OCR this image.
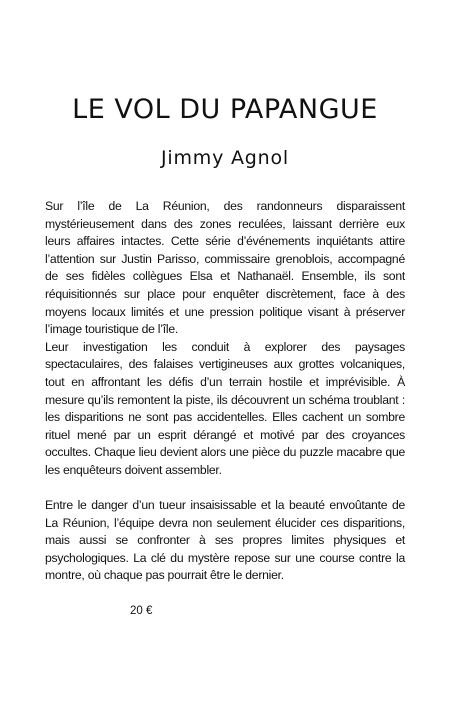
LE VOL DU PAPANGUE
Jimmy Agnol

Sur l’île de La Réunion, des randonneurs disparaissent mystérieusement dans des zones reculées, laissant derrière eux leurs affaires intactes. Cette série d’événements inquiétants attire l’attention sur Justin Parisso, commissaire grenoblois, accompagné de ses fidèles collègues Elsa et Nathanaël. Ensemble, ils sont réquisitionnés sur place pour enquêter discrètement, face à des moyens locaux limités et une pression politique visant à préserver l’image touristique de l’île.

Leur investigation les conduit à explorer des paysages spectaculaires, des falaises vertigineuses aux grottes volcaniques, tout en affrontant les défis d’un terrain hostile et imprévisible. À mesure qu’ils remontent la piste, ils découvrent un schéma troublant : les disparitions ne sont pas accidentelles. Elles cachent un sombre rituel mené par un esprit dérangé et motivé par des croyances occultes. Chaque lieu devient alors une pièce du puzzle macabre que les enquêteurs doivent assembler.

Entre le danger d’un tueur insaisissable et la beauté envoûtante de La Réunion, l’équipe devra non seulement élucider ces disparitions, mais aussi se confronter à ses propres limites physiques et psychologiques. La clé du mystère repose sur une course contre la montre, où chaque pas pourrait être le dernier.

20 €
